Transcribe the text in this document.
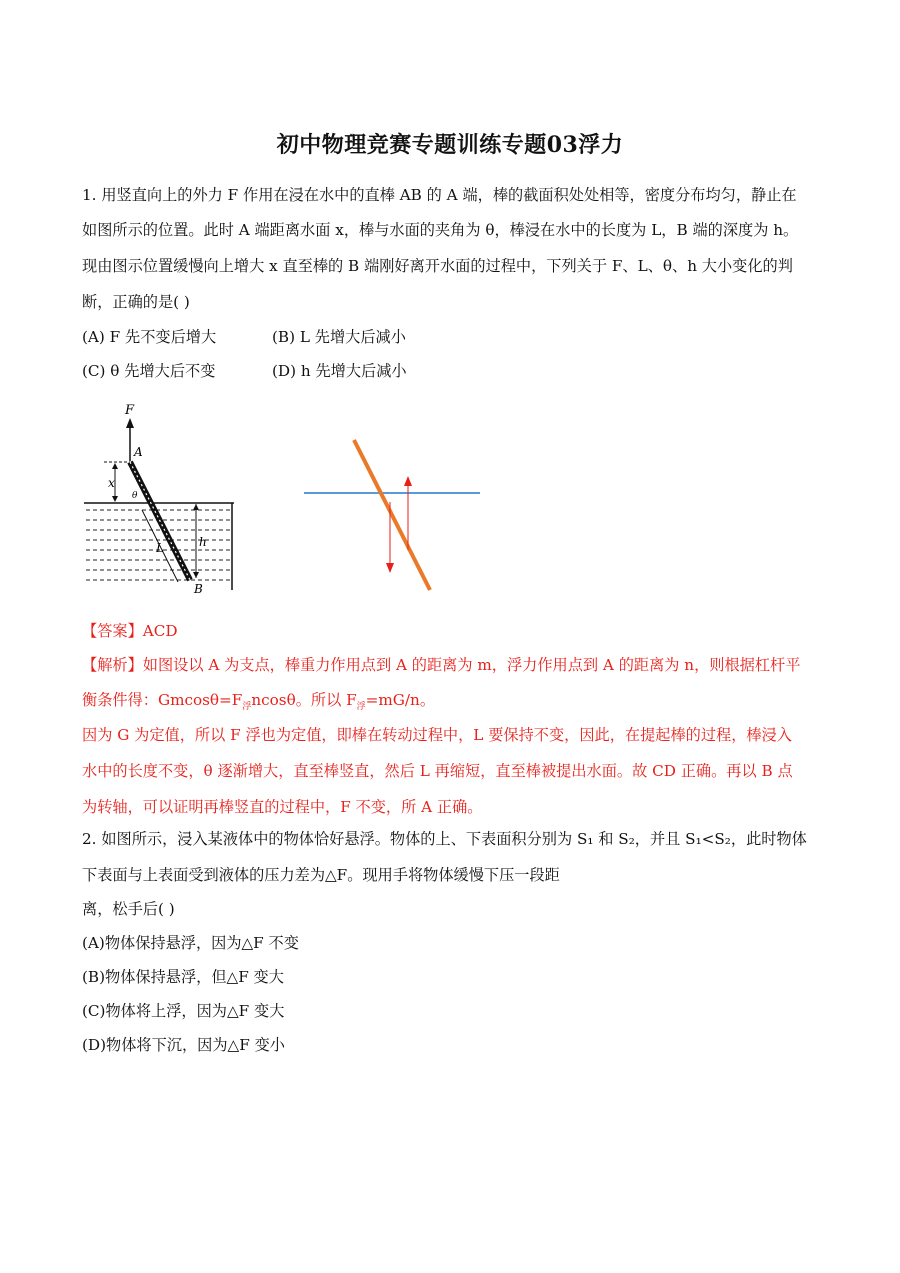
初中物理竞赛专题训练专题03浮力
1. 用竖直向上的外力 F 作用在浸在水中的直棒 AB 的 A 端，棒的截面积处处相等，密度分布均匀，静止在
如图所示的位置。此时 A 端距离水面 x，棒与水面的夹角为 θ，棒浸在水中的长度为 L，B 端的深度为 h。
现由图示位置缓慢向上增大 x 直至棒的 B 端刚好离开水面的过程中，下列关于 F、L、θ、h 大小变化的判
断，正确的是( )
(A) F 先不变后增大	(B) L 先增大后减小
(C) θ 先增大后不变	(D) h 先增大后减小
F
A
x
θ
L	h
B
【答案】ACD
【解析】如图设以 A 为支点，棒重力作用点到 A 的距离为 m，浮力作用点到 A 的距离为 n，则根据杠杆平
衡条件得：$Gmcos\theta=F_浮ncos\theta$。所以 $F_浮=mG/n$。
因为 G 为定值，所以 F 浮也为定值，即棒在转动过程中，L 要保持不变，因此，在提起棒的过程，棒浸入
水中的长度不变，θ 逐渐增大，直至棒竖直，然后 L 再缩短，直至棒被提出水面。故 CD 正确。再以 B 点
为转轴，可以证明再棒竖直的过程中，F 不变，所 A 正确。
2. 如图所示，浸入某液体中的物体恰好悬浮。物体的上、下表面积分别为 S₁ 和 S₂，并且 S₁<S₂，此时物体
下表面与上表面受到液体的压力差为△F。现用手将物体缓慢下压一段距
离，松手后( )
(A)物体保持悬浮，因为△F 不变
(B)物体保持悬浮，但△F 变大
(C)物体将上浮，因为△F 变大
(D)物体将下沉，因为△F 变小
